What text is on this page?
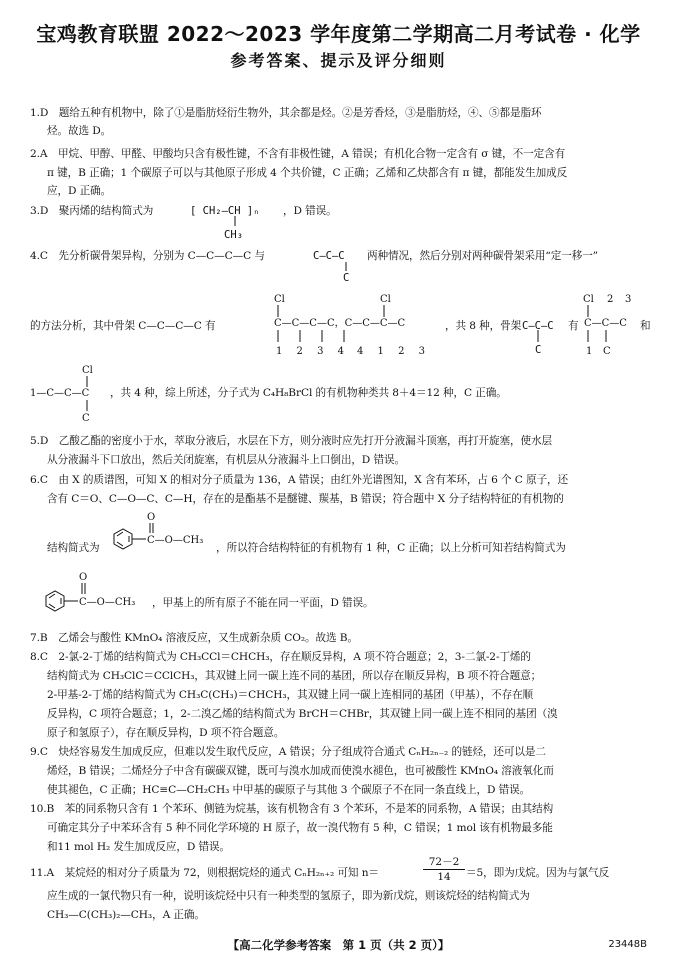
宝鸡教育联盟 2022～2023 学年度第二学期高二月考试卷 · 化学
参考答案、提示及评分细则
1.D　题给五种有机物中，除了①是脂肪烃衍生物外，其余都是烃。②是芳香烃，③是脂肪烃，④、⑤都是脂环
烃。故选 D。
2.A　甲烷、甲醇、甲醛、甲酸均只含有极性键，不含有非极性键，A 错误；有机化合物一定含有 σ 键，不一定含有
π 键，B 正确；1 个碳原子可以与其他原子形成 4 个共价键，C 正确；乙烯和乙炔都含有 π 键，都能发生加成反
应，D 正确。
3.D　聚丙烯的结构简式为	[ CH₂—CH ]ₙ
CH₃
，D 错误。
4.C　先分析碳骨架异构，分别为 C—C—C—C 与	C—C—C
C
两种情况，然后分别对两种碳骨架采用“定一移一”
的方法分析，其中骨架 C—C—C—C 有
Cl
C—C—C—C，C—C—C—C
Cl
1 2 3 4 4 1 2 3
，共 8 种，骨架 C—C—C
C
有
Cl 2 3
C—C—C
1 C
和
Cl
1—C—C—C
C
，共 4 种，综上所述，分子式为 C₄H₈BrCl 的有机物种类共 8＋4＝12 种，C 正确。
5.D　乙酸乙酯的密度小于水，萃取分液后，水层在下方，则分液时应先打开分液漏斗顶塞，再打开旋塞，使水层
从分液漏斗下口放出，然后关闭旋塞，有机层从分液漏斗上口倒出，D 错误。
6.C　由 X 的质谱图，可知 X 的相对分子质量为 136，A 错误；由红外光谱图知，X 含有苯环，占 6 个 C 原子，还
含有 C＝O、C—O—C、C—H，存在的是酯基不是醚键、羰基，B 错误；符合题中 X 分子结构特征的有机物的
结构简式为
O
C—O—CH₃
，所以符合结构特征的有机物有 1 种，C 正确；以上分析可知若结构简式为
O
C—O—CH₃ ，甲基上的所有原子不能在同一平面，D 错误。
7.B　乙烯会与酸性 KMnO₄ 溶液反应，又生成新杂质 CO₂。故选 B。
8.C　2-氯-2-丁烯的结构简式为 CH₃CCl＝CHCH₃，存在顺反异构，A 项不符合题意；2，3-二氯-2-丁烯的
结构简式为 CH₃ClC＝CClCH₃，其双键上同一碳上连不同的基团，所以存在顺反异构，B 项不符合题意；
2-甲基-2-丁烯的结构简式为 CH₃C(CH₃)＝CHCH₃，其双键上同一碳上连相同的基团（甲基），不存在顺
反异构，C 项符合题意；1，2-二溴乙烯的结构简式为 BrCH＝CHBr，其双键上同一碳上连不相同的基团（溴
原子和氢原子），存在顺反异构，D 项不符合题意。
9.C　炔烃容易发生加成反应，但难以发生取代反应，A 错误；分子组成符合通式 CₙH₂ₙ₋₂ 的链烃，还可以是二
烯烃，B 错误；二烯烃分子中含有碳碳双键，既可与溴水加成而使溴水褪色，也可被酸性 KMnO₄ 溶液氧化而
使其褪色，C 正确；HC≡C—CH₂CH₃ 中甲基的碳原子与其他 3 个碳原子不在同一条直线上，D 错误。
10.B　苯的同系物只含有 1 个苯环、侧链为烷基，该有机物含有 3 个苯环，不是苯的同系物，A 错误；由其结构
可确定其分子中苯环含有 5 种不同化学环境的 H 原子，故一溴代物有 5 种，C 错误；1 mol 该有机物最多能
和11 mol H₂ 发生加成反应，D 错误。
11.A　某烷烃的相对分子质量为 72，则根据烷烃的通式 CₙH₂ₙ₊₂ 可知 n＝
72－2
14	＝5，即为戊烷。因为与氯气反
应生成的一氯代物只有一种，说明该烷烃中只有一种类型的氢原子，即为新戊烷，则该烷烃的结构简式为
CH₃—C(CH₃)₂—CH₃，A 正确。
【高二化学参考答案　第 1 页（共 2 页）】	23448B
